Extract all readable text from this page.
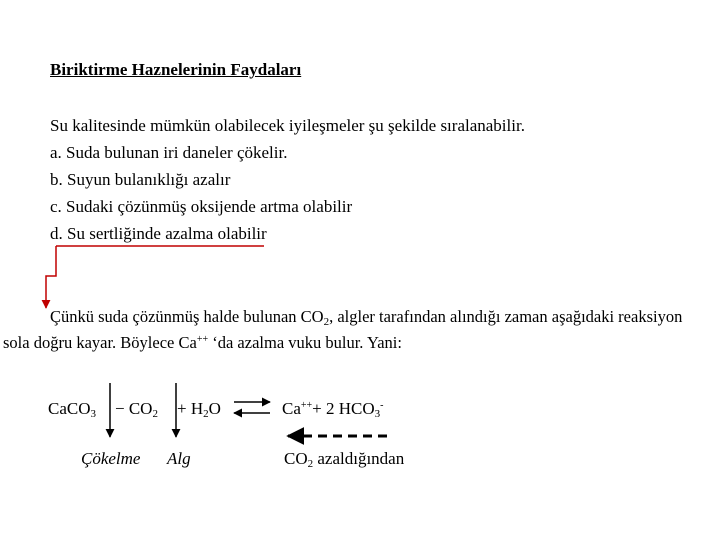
Biriktirme Haznelerinin Faydaları
Su kalitesinde mümkün olabilecek iyileşmeler şu şekilde sıralanabilir.
a. Suda bulunan iri daneler çökelir.
b. Suyun bulanıklığı azalır
c. Sudaki çözünmüş oksijende artma olabilir
d. Su sertliğinde azalma olabilir
Çünkü suda çözünmüş halde bulunan $CO_2$, algler tarafından alındığı zaman aşağıdaki reaksiyon
sola doğru kayar. Böylece Ca++ ‘da azalma vuku bulur. Yani:
CaCO$_3$ − $CO_2 + H_2O$	Ca+++ 2 $HCO_3^-$
Çökelme Alg	$CO_2$ azaldığından
